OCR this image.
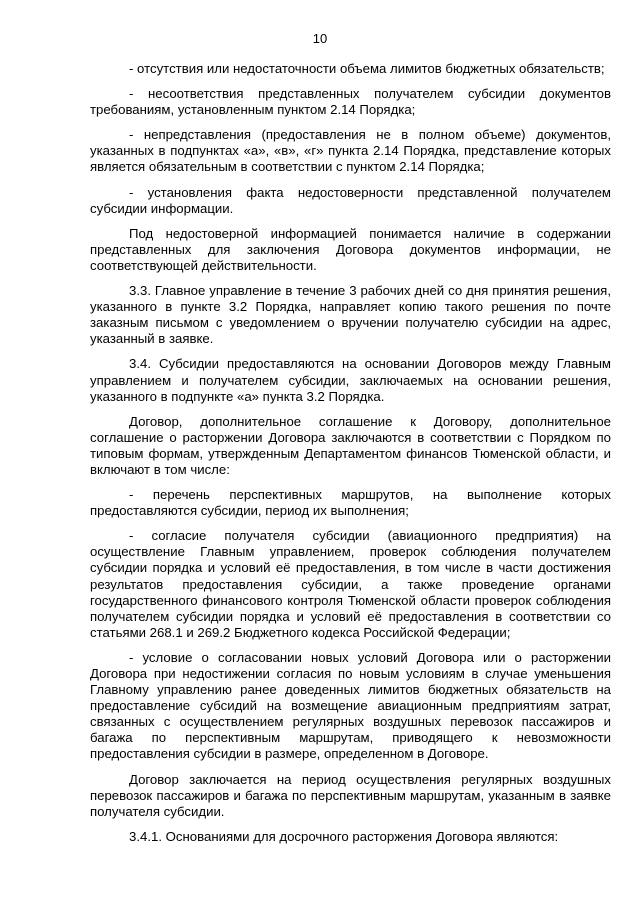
10

- отсутствия или недостаточности объема лимитов бюджетных обязательств;

- несоответствия представленных получателем субсидии документов требованиям, установленным пунктом 2.14 Порядка;

- непредставления (предоставления не в полном объеме) документов, указанных в подпунктах «а», «в», «г» пункта 2.14 Порядка, представление которых является обязательным в соответствии с пунктом 2.14 Порядка;

- установления факта недостоверности представленной получателем субсидии информации.

Под недостоверной информацией понимается наличие в содержании представленных для заключения Договора документов информации, не соответствующей действительности.

3.3. Главное управление в течение 3 рабочих дней со дня принятия решения, указанного в пункте 3.2 Порядка, направляет копию такого решения по почте заказным письмом с уведомлением о вручении получателю субсидии на адрес, указанный в заявке.

3.4. Субсидии предоставляются на основании Договоров между Главным управлением и получателем субсидии, заключаемых на основании решения, указанного в подпункте «а» пункта 3.2 Порядка.

Договор, дополнительное соглашение к Договору, дополнительное соглашение о расторжении Договора заключаются в соответствии с Порядком по типовым формам, утвержденным Департаментом финансов Тюменской области, и включают в том числе:

- перечень перспективных маршрутов, на выполнение которых предоставляются субсидии, период их выполнения;

- согласие получателя субсидии (авиационного предприятия) на осуществление Главным управлением, проверок соблюдения получателем субсидии порядка и условий её предоставления, в том числе в части достижения результатов предоставления субсидии, а также проведение органами государственного финансового контроля Тюменской области проверок соблюдения получателем субсидии порядка и условий её предоставления в соответствии со статьями 268.1 и 269.2 Бюджетного кодекса Российской Федерации;

- условие о согласовании новых условий Договора или о расторжении Договора при недостижении согласия по новым условиям в случае уменьшения Главному управлению ранее доведенных лимитов бюджетных обязательств на предоставление субсидий на возмещение авиационным предприятиям затрат, связанных с осуществлением регулярных воздушных перевозок пассажиров и багажа по перспективным маршрутам, приводящего к невозможности предоставления субсидии в размере, определенном в Договоре.

Договор заключается на период осуществления регулярных воздушных перевозок пассажиров и багажа по перспективным маршрутам, указанным в заявке получателя субсидии.

3.4.1. Основаниями для досрочного расторжения Договора являются:
